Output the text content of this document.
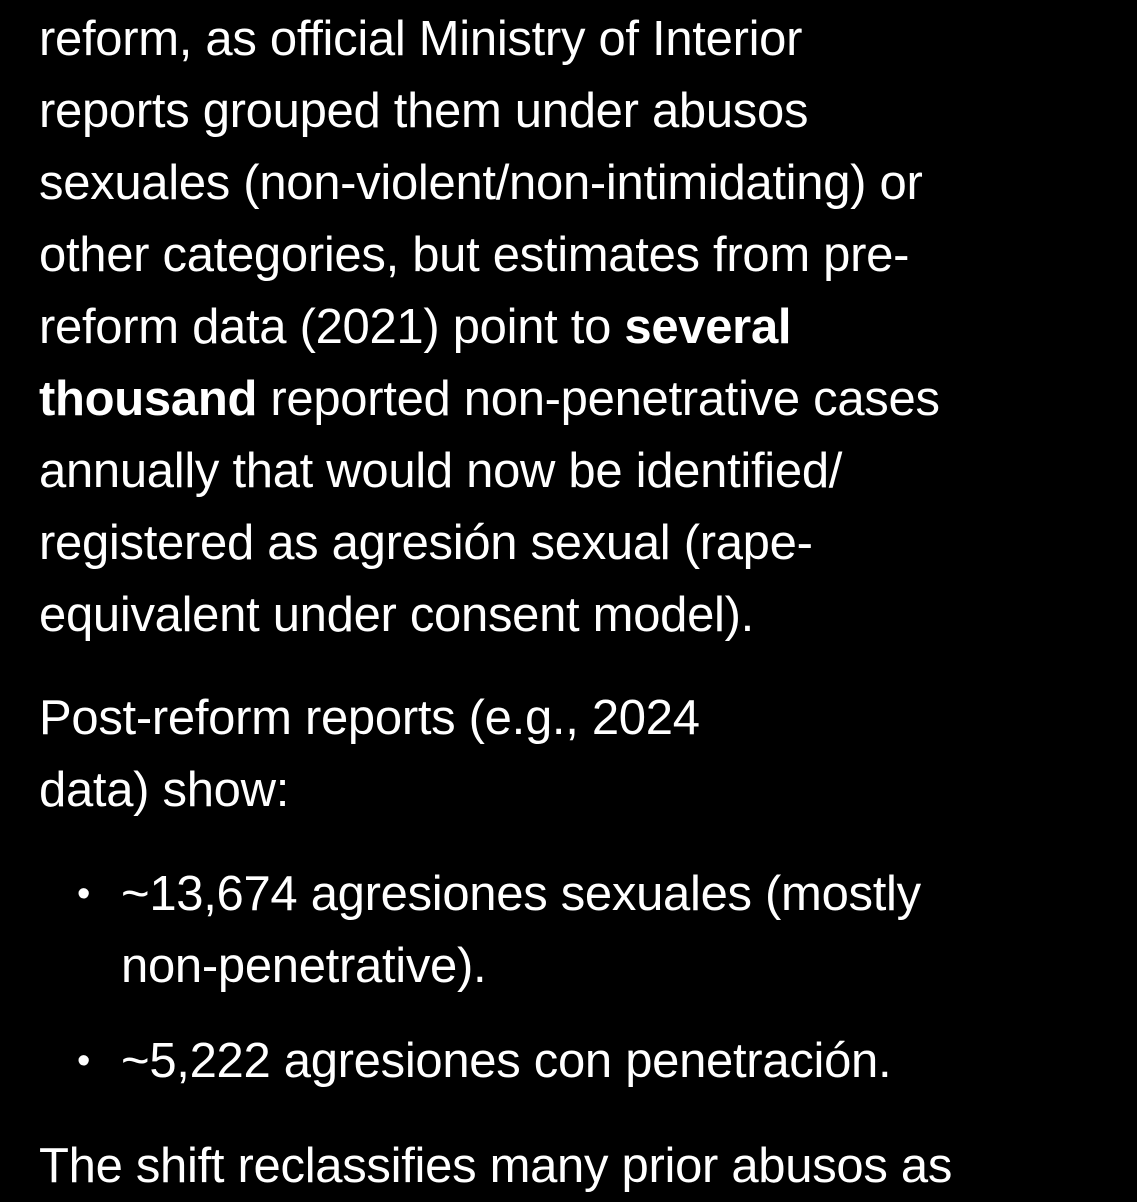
reform, as official Ministry of Interior
reports grouped them under abusos
sexuales (non-violent/non-intimidating) or
other categories, but estimates from pre-
reform data (2021) point to several
thousand reported non-penetrative cases
annually that would now be identified/
registered as agresión sexual (rape-
equivalent under consent model).
Post-reform reports (e.g., 2024
data) show:
• ~13,674 agresiones sexuales (mostly
non-penetrative).
• ~5,222 agresiones con penetración.
The shift reclassifies many prior abusos as
